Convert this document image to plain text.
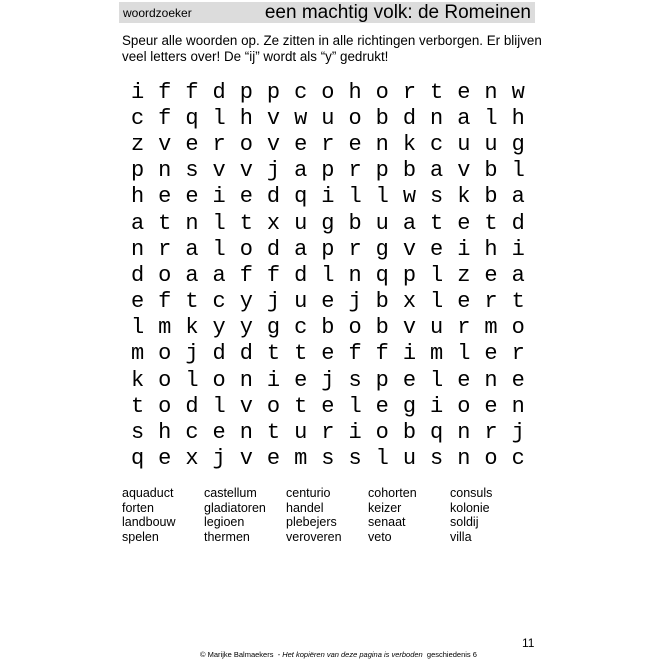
woordzoeker	een machtig volk: de Romeinen
Speur alle woorden op. Ze zitten in alle richtingen verborgen. Er blijven
veel letters over! De “ij” wordt als “y” gedrukt!
i f f d p p c o h o r t e n w
c f q l h v w u o b d n a l h
z v e r o v e r e n k c u u g
p n s v v j a p r p b a v b l
h e e i e d q i l l w s k b a
a t n l t x u g b u a t e t d
n r a l o d a p r g v e i h i
d o a a f f d l n q p l z e a
e f t c y j u e j b x l e r t
l m k y y g c b o b v u r m o
m o j d d t t e f f i m l e r
k o l o n i e j s p e l e n e
t o d l v o t e l e g i o e n
s h c e n t u r i o b q n r j
q e x j v e m s s l u s n o c
aquaduct	castellum	centurio	cohorten	consuls
forten	gladiatoren	handel	keizer	kolonie
landbouw	legioen	plebejers	senaat	soldij
spelen	thermen	veroveren	veto	villa
11
© Marijke Balmaekers - Het kopiëren van deze pagina is verboden geschiedenis 6
